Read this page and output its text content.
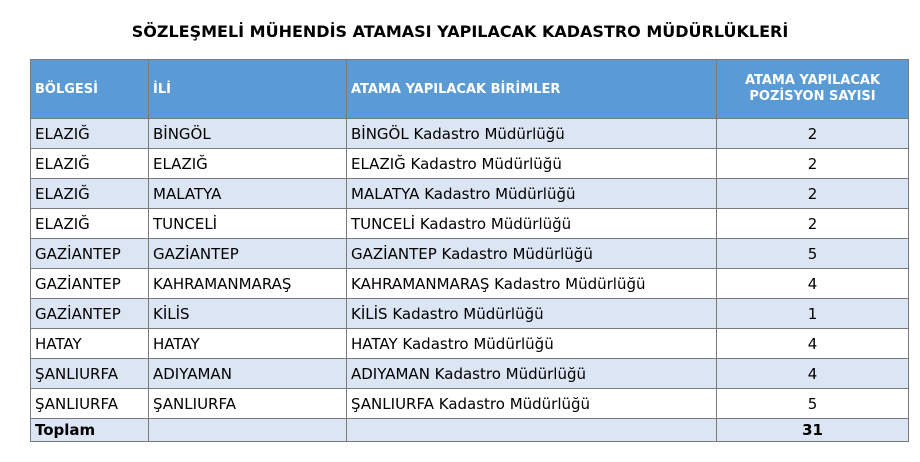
SÖZLEŞMELİ MÜHENDİS ATAMASI YAPILACAK KADASTRO MÜDÜRLÜKLERİ
BÖLGESİ	İLİ	ATAMA YAPILACAK BİRİMLER	ATAMA YAPILACAK
POZİSYON SAYISI
ELAZIĞ	BİNGÖL	BİNGÖL Kadastro Müdürlüğü	2
ELAZIĞ	ELAZIĞ	ELAZIĞ Kadastro Müdürlüğü	2
ELAZIĞ	MALATYA	MALATYA Kadastro Müdürlüğü	2
ELAZIĞ	TUNCELİ	TUNCELİ Kadastro Müdürlüğü	2
GAZİANTEP	GAZİANTEP	GAZİANTEP Kadastro Müdürlüğü	5
GAZİANTEP	KAHRAMANMARAŞ	KAHRAMANMARAŞ Kadastro Müdürlüğü	4
GAZİANTEP	KİLİS	KİLİS Kadastro Müdürlüğü	1
HATAY	HATAY	HATAY Kadastro Müdürlüğü	4
ŞANLIURFA	ADIYAMAN	ADIYAMAN Kadastro Müdürlüğü	4
ŞANLIURFA	ŞANLIURFA	ŞANLIURFA Kadastro Müdürlüğü	5
Toplam			31
